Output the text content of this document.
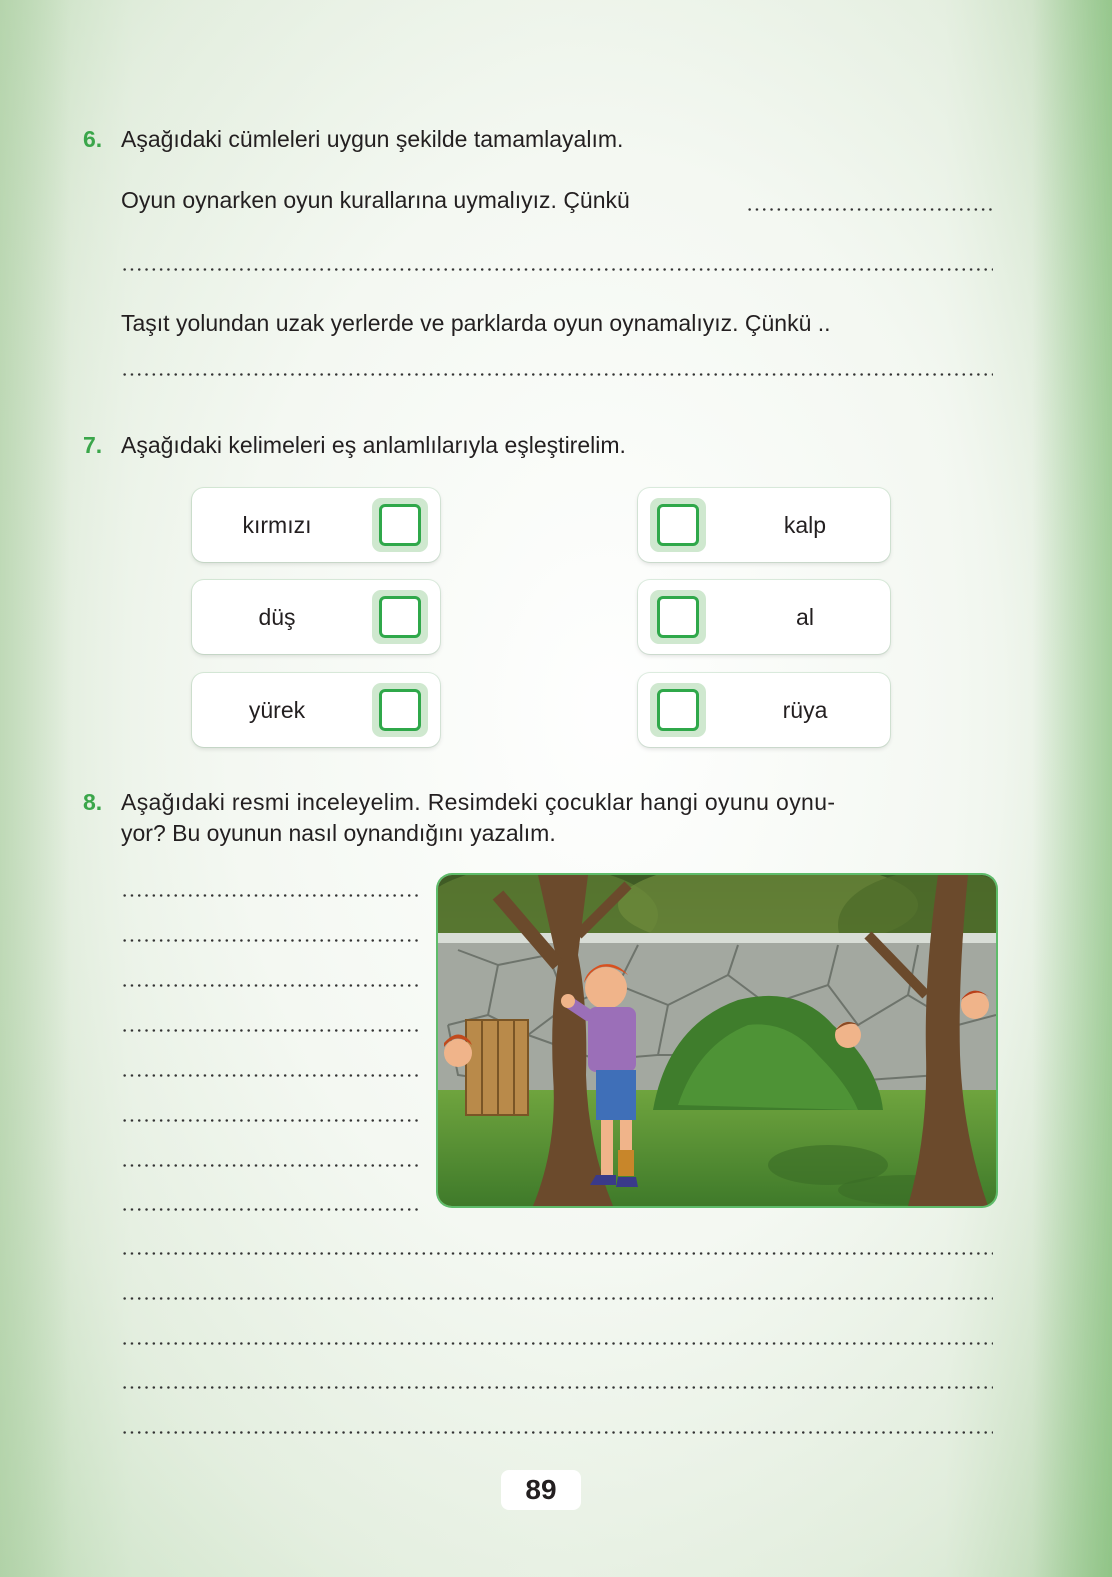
6. Aşağıdaki cümleleri uygun şekilde tamamlayalım.
Oyun oynarken oyun kurallarına uymalıyız. Çünkü
Taşıt yolundan uzak yerlerde ve parklarda oyun oynamalıyız. Çünkü ..
7. Aşağıdaki kelimeleri eş anlamlılarıyla eşleştirelim.
kırmızı
düş
yürek
kalp
al
rüya
8. Aşağıdaki resmi inceleyelim. Resimdeki çocuklar hangi oyunu oynu-
yor? Bu oyunun nasıl oynandığını yazalım.
89
